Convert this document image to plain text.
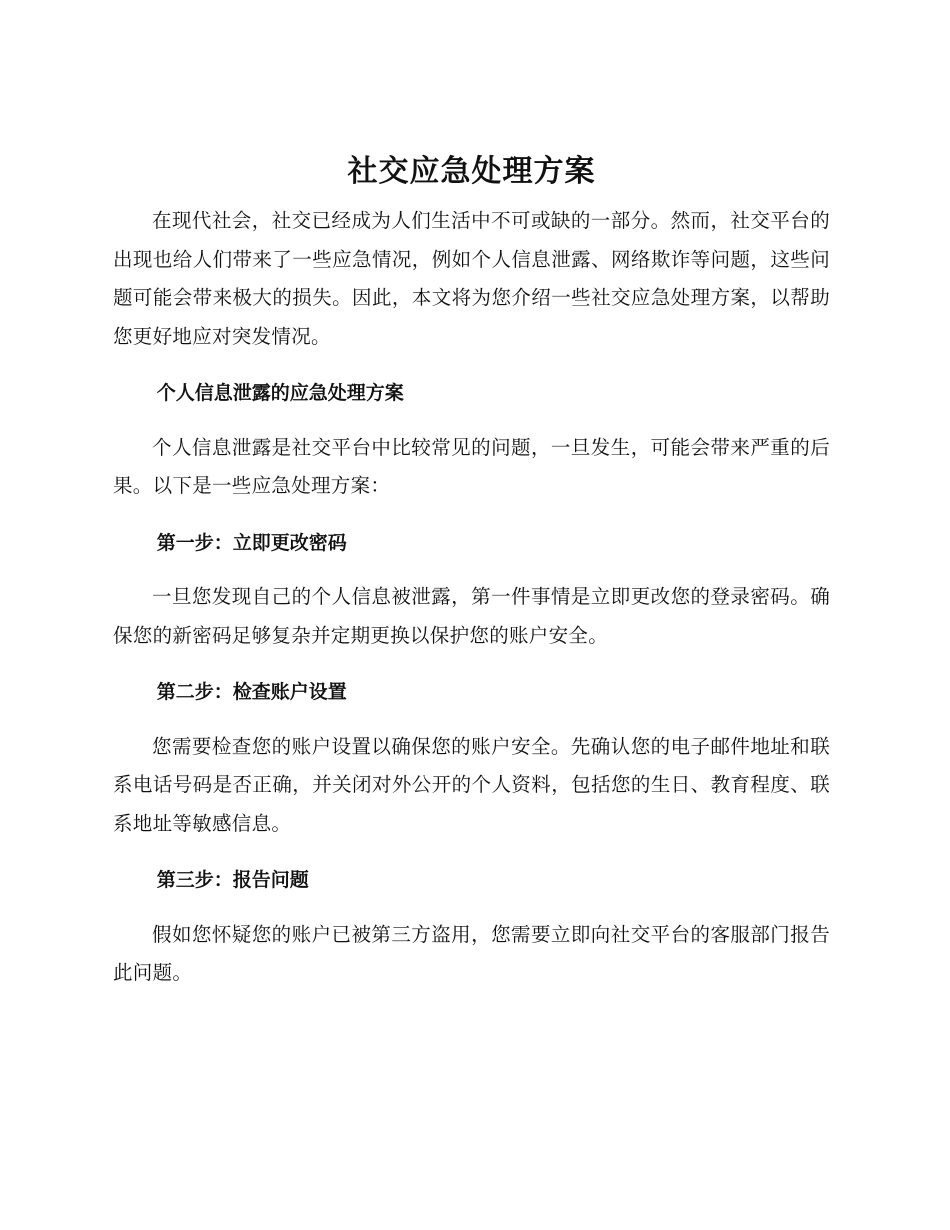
社交应急处理方案

在现代社会，社交已经成为人们生活中不可或缺的一部分。然而，社交平台的出现也给人们带来了一些应急情况，例如个人信息泄露、网络欺诈等问题，这些问题可能会带来极大的损失。因此，本文将为您介绍一些社交应急处理方案，以帮助您更好地应对突发情况。

个人信息泄露的应急处理方案

个人信息泄露是社交平台中比较常见的问题，一旦发生，可能会带来严重的后果。以下是一些应急处理方案：

第一步：立即更改密码

一旦您发现自己的个人信息被泄露，第一件事情是立即更改您的登录密码。确保您的新密码足够复杂并定期更换以保护您的账户安全。

第二步：检查账户设置

您需要检查您的账户设置以确保您的账户安全。先确认您的电子邮件地址和联系电话号码是否正确，并关闭对外公开的个人资料，包括您的生日、教育程度、联系地址等敏感信息。

第三步：报告问题

假如您怀疑您的账户已被第三方盗用，您需要立即向社交平台的客服部门报告此问题。
